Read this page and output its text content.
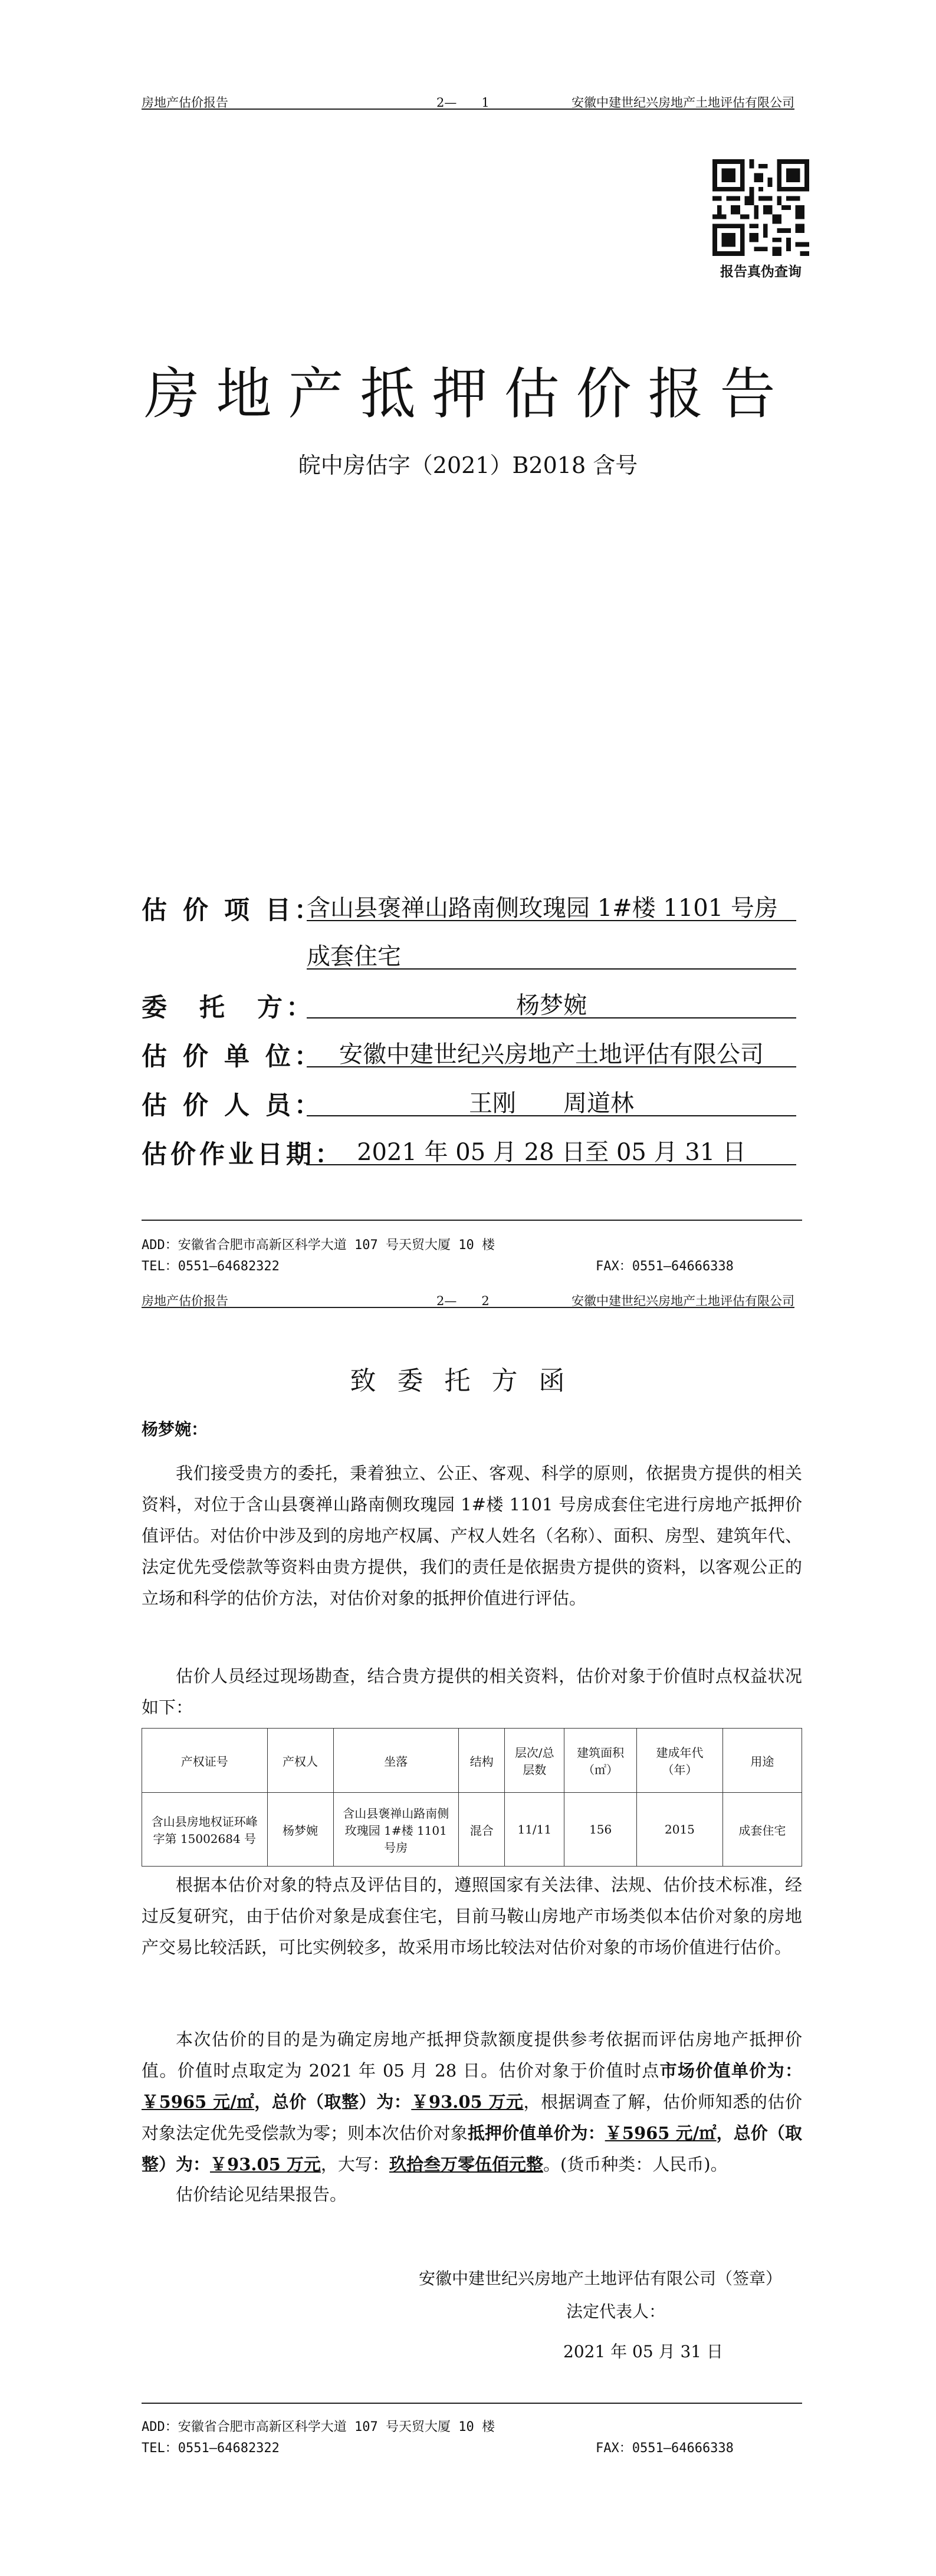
房地产估价报告	2—　　1	安徽中建世纪兴房地产土地评估有限公司
报告真伪查询
房地产抵押估价报告
皖中房估字（2021）B2018 含号
估 价 项 目：
含山县褒禅山路南侧玫瑰园 1#楼 1101 号房
成套住宅
委　托　方：	杨梦婉
估 价 单 位： 安徽中建世纪兴房地产土地评估有限公司
估 价 人 员：	王刚　　周道林
估价作业日期： 2021 年 05 月 28 日至 05 月 31 日
ADD：安徽省合肥市高新区科学大道 107 号天贸大厦 10 楼
TEL：0551—64682322	FAX：0551—64666338
房地产估价报告	2—　　2	安徽中建世纪兴房地产土地评估有限公司
致委托方函
杨梦婉：
我们接受贵方的委托，秉着独立、公正、客观、科学的原则，依据贵方提供的相关资料，对位于含山县褒禅山路南侧玫瑰园 1#楼 1101 号房成套住宅进行房地产抵押价值评估。对估价中涉及到的房地产权属、产权人姓名（名称）、面积、房型、建筑年代、法定优先受偿款等资料由贵方提供，我们的责任是依据贵方提供的资料，以客观公正的立场和科学的估价方法，对估价对象的抵押价值进行评估。
估价人员经过现场勘查，结合贵方提供的相关资料，估价对象于价值时点权益状况如下：
产权证号	产权人	坐落	结构	层次/总层数	建筑面积（㎡）	建成年代（年）	用途
含山县房地权证环峰字第 15002684 号	杨梦婉	含山县褒禅山路南侧玫瑰园 1#楼 1101 号房	混合	11/11	156	2015	成套住宅
根据本估价对象的特点及评估目的，遵照国家有关法律、法规、估价技术标准，经过反复研究，由于估价对象是成套住宅，目前马鞍山房地产市场类似本估价对象的房地产交易比较活跃，可比实例较多，故采用市场比较法对估价对象的市场价值进行估价。
本次估价的目的是为确定房地产抵押贷款额度提供参考依据而评估房地产抵押价值。价值时点取定为 2021 年 05 月 28 日。估价对象于价值时点市场价值单价为：￥5965 元/㎡，总价（取整）为：￥93.05 万元，根据调查了解，估价师知悉的估价对象法定优先受偿款为零；则本次估价对象抵押价值单价为：￥5965 元/㎡，总价（取整）为：￥93.05 万元，大写：玖拾叁万零伍佰元整。(货币种类：人民币)。
估价结论见结果报告。
安徽中建世纪兴房地产土地评估有限公司（签章）
法定代表人：
2021 年 05 月 31 日
ADD：安徽省合肥市高新区科学大道 107 号天贸大厦 10 楼
TEL：0551—64682322	FAX：0551—64666338
